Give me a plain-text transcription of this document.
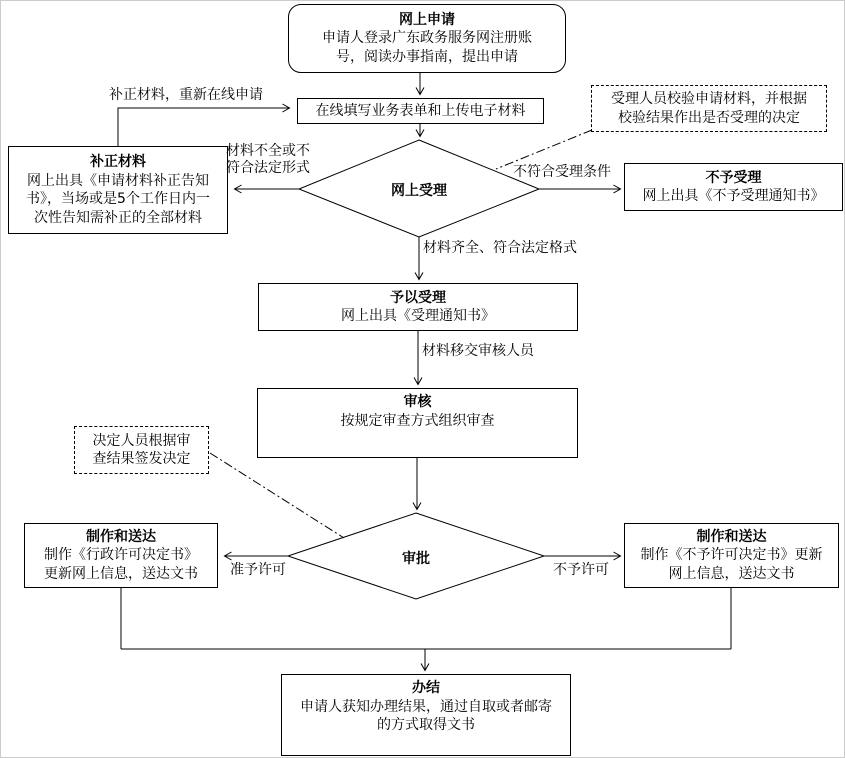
网上申请
申请人登录广东政务服务网注册账号，阅读办事指南，提出申请
在线填写业务表单和上传电子材料
受理人员校验申请材料，并根据校验结果作出是否受理的决定
补正材料
网上出具《申请材料补正告知书》，当场或是5个工作日内一次性告知需补正的全部材料
网上受理
不予受理
网上出具《不予受理通知书》
予以受理
网上出具《受理通知书》
审核
按规定审查方式组织审查
决定人员根据审查结果签发决定
审批
制作和送达
制作《行政许可决定书》更新网上信息，送达文书
制作和送达
制作《不予许可决定书》更新网上信息，送达文书
办结
申请人获知办理结果，通过自取或者邮寄的方式取得文书
补正材料，重新在线申请
材料不全或不符合法定形式	不符合受理条件
材料齐全、符合法定格式
材料移交审核人员
准予许可	不予许可
